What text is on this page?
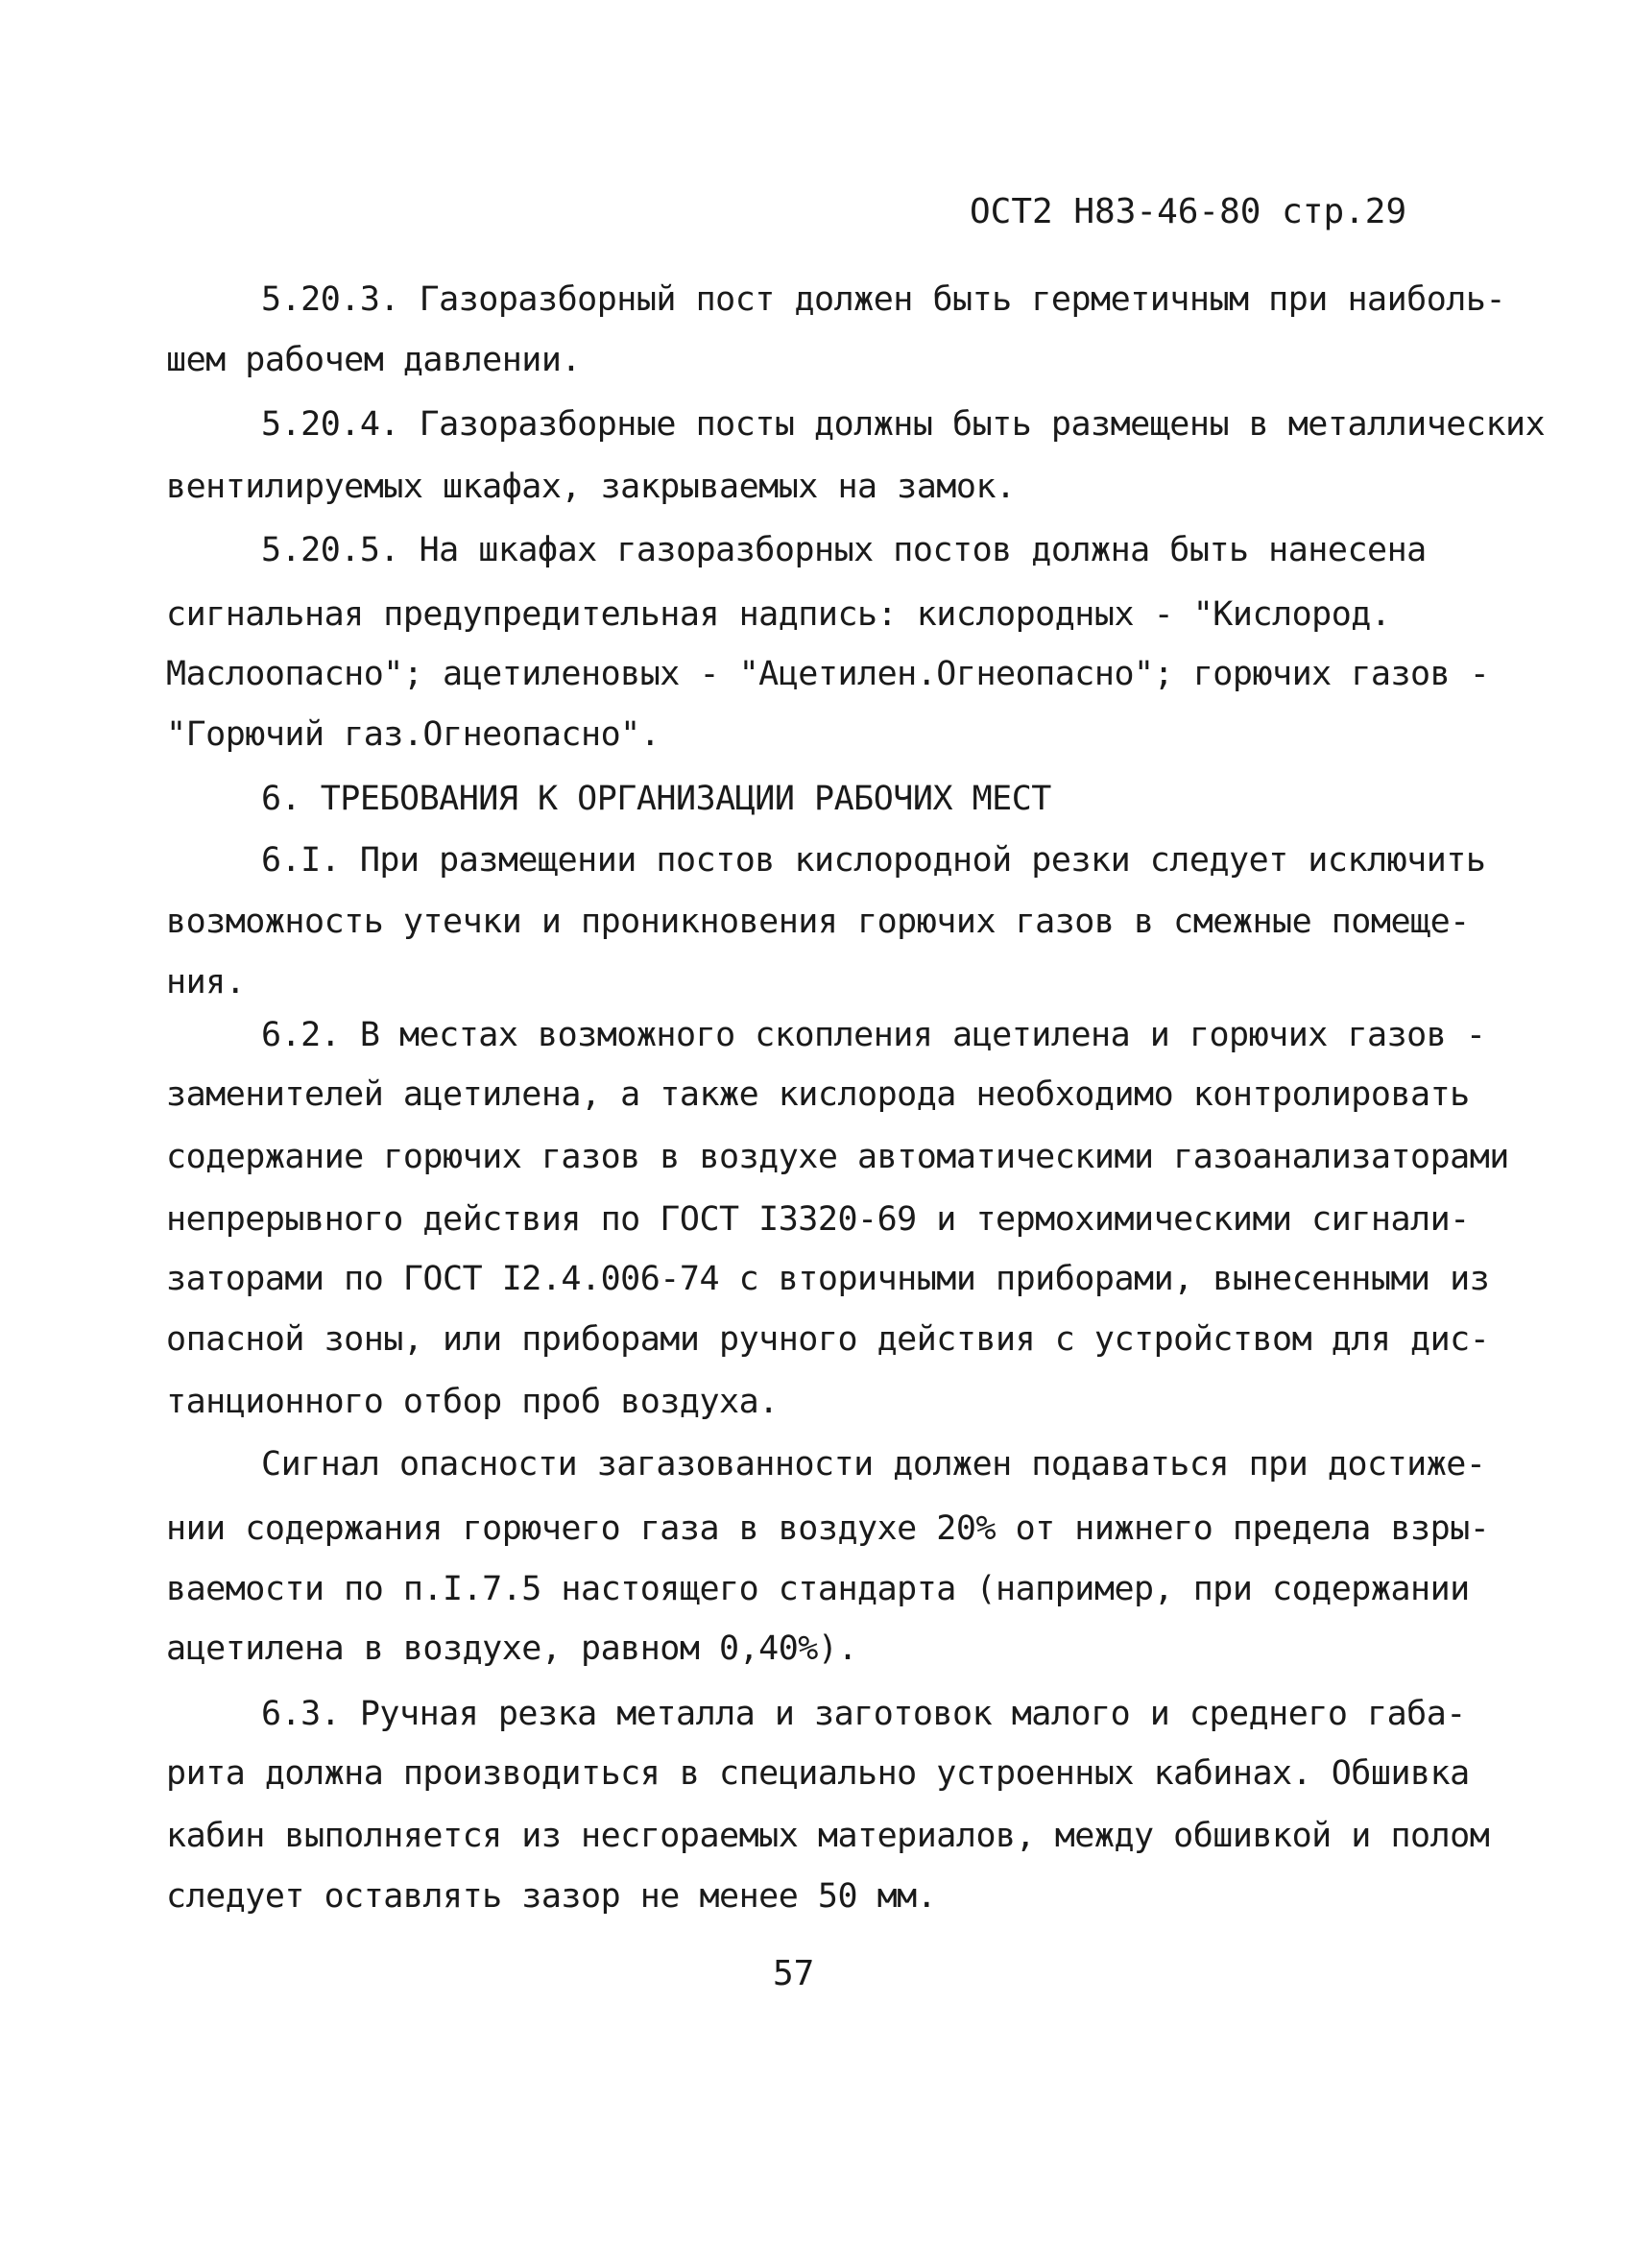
ОСТ2 Н83-46-80 стр.29
5.20.3. Газоразборный пост должен быть герметичным при наиболь-
шем рабочем давлении.
5.20.4. Газоразборные посты должны быть размещены в металлических
вентилируемых шкафах, закрываемых на замок.
5.20.5. На шкафах газоразборных постов должна быть нанесена
сигнальная предупредительная надпись: кислородных - "Кислород.
Маслоопасно"; ацетиленовых - "Ацетилен.Огнеопасно"; горючих газов -
"Горючий газ.Огнеопасно".
6. ТРЕБОВАНИЯ К ОРГАНИЗАЦИИ РАБОЧИХ МЕСТ
6.I. При размещении постов кислородной резки следует исключить
возможность утечки и проникновения горючих газов в смежные помеще-
ния.
6.2. В местах возможного скопления ацетилена и горючих газов -
заменителей ацетилена, а также кислорода необходимо контролировать
содержание горючих газов в воздухе автоматическими газоанализаторами
непрерывного действия по ГОСТ I3320-69 и термохимическими сигнали-
заторами по ГОСТ I2.4.006-74 с вторичными приборами, вынесенными из
опасной зоны, или приборами ручного действия с устройством для дис-
танционного отбор проб воздуха.
Сигнал опасности загазованности должен подаваться при достиже-
нии содержания горючего газа в воздухе 20% от нижнего предела взры-
ваемости по п.I.7.5 настоящего стандарта (например, при содержании
ацетилена в воздухе, равном 0,40%).
6.3. Ручная резка металла и заготовок малого и среднего габа-
рита должна производиться в специально устроенных кабинах. Обшивка
кабин выполняется из несгораемых материалов, между обшивкой и полом
следует оставлять зазор не менее 50 мм.
57
